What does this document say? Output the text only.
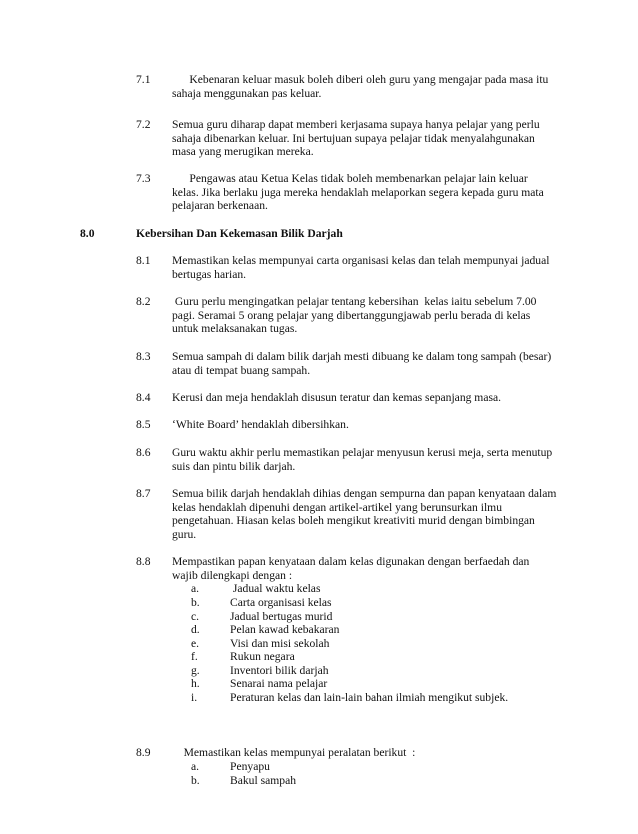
7.1 Kebenaran keluar masuk boleh diberi oleh guru yang mengajar pada masa itu
sahaja menggunakan pas keluar.
7.2 Semua guru diharap dapat memberi kerjasama supaya hanya pelajar yang perlu
sahaja dibenarkan keluar. Ini bertujuan supaya pelajar tidak menyalahgunakan
masa yang merugikan mereka.
7.3 Pengawas atau Ketua Kelas tidak boleh membenarkan pelajar lain keluar
kelas. Jika berlaku juga mereka hendaklah melaporkan segera kepada guru mata
pelajaran berkenaan.
8.0	Kebersihan Dan Kekemasan Bilik Darjah
8.1 Memastikan kelas mempunyai carta organisasi kelas dan telah mempunyai jadual
bertugas harian.
8.2 Guru perlu mengingatkan pelajar tentang kebersihan  kelas iaitu sebelum 7.00
pagi. Seramai 5 orang pelajar yang dibertanggungjawab perlu berada di kelas
untuk melaksanakan tugas.
8.3 Semua sampah di dalam bilik darjah mesti dibuang ke dalam tong sampah (besar)
atau di tempat buang sampah.
8.4 Kerusi dan meja hendaklah disusun teratur dan kemas sepanjang masa.
8.5 ‘White Board’ hendaklah dibersihkan.
8.6 Guru waktu akhir perlu memastikan pelajar menyusun kerusi meja, serta menutup
suis dan pintu bilik darjah.
8.7 Semua bilik darjah hendaklah dihias dengan sempurna dan papan kenyataan dalam
kelas hendaklah dipenuhi dengan artikel-artikel yang berunsurkan ilmu
pengetahuan. Hiasan kelas boleh mengikut kreativiti murid dengan bimbingan
guru.
8.8 Mempastikan papan kenyataan dalam kelas digunakan dengan berfaedah dan
wajib dilengkapi dengan :
a.	Jadual waktu kelas
b.	Carta organisasi kelas
c.	Jadual bertugas murid
d.	Pelan kawad kebakaran
e.	Visi dan misi sekolah
f.	Rukun negara
g.	Inventori bilik darjah
h.	Senarai nama pelajar
i.	Peraturan kelas dan lain-lain bahan ilmiah mengikut subjek.
8.9 Memastikan kelas mempunyai peralatan berikut  :
a.	Penyapu
b.	Bakul sampah
